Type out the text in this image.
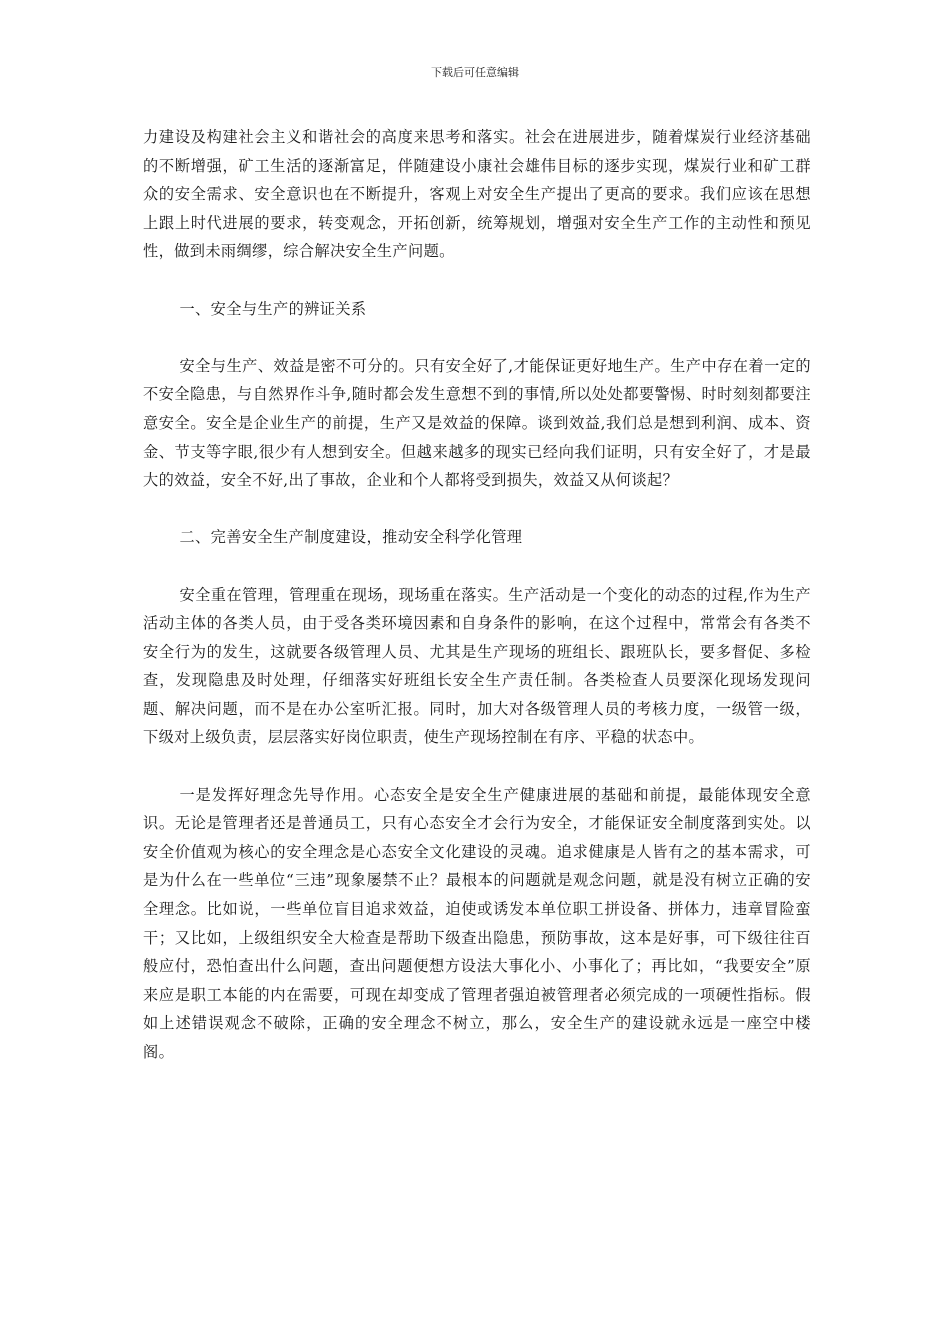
下载后可任意编辑

力建设及构建社会主义和谐社会的高度来思考和落实。社会在进展进步，随着煤炭行业经济基础的不断增强，矿工生活的逐渐富足，伴随建设小康社会雄伟目标的逐步实现，煤炭行业和矿工群众的安全需求、安全意识也在不断提升，客观上对安全生产提出了更高的要求。我们应该在思想上跟上时代进展的要求，转变观念，开拓创新，统筹规划，增强对安全生产工作的主动性和预见性，做到未雨绸缪，综合解决安全生产问题。

一、安全与生产的辨证关系

安全与生产、效益是密不可分的。只有安全好了,才能保证更好地生产。生产中存在着一定的不安全隐患，与自然界作斗争,随时都会发生意想不到的事情,所以处处都要警惕、时时刻刻都要注意安全。安全是企业生产的前提，生产又是效益的保障。谈到效益,我们总是想到利润、成本、资金、节支等字眼,很少有人想到安全。但越来越多的现实已经向我们证明，只有安全好了，才是最大的效益，安全不好,出了事故，企业和个人都将受到损失，效益又从何谈起？

二、完善安全生产制度建设，推动安全科学化管理

安全重在管理，管理重在现场，现场重在落实。生产活动是一个变化的动态的过程,作为生产活动主体的各类人员，由于受各类环境因素和自身条件的影响，在这个过程中，常常会有各类不安全行为的发生，这就要各级管理人员、尤其是生产现场的班组长、跟班队长，要多督促、多检查，发现隐患及时处理，仔细落实好班组长安全生产责任制。各类检查人员要深化现场发现问题、解决问题，而不是在办公室听汇报。同时，加大对各级管理人员的考核力度，一级管一级，下级对上级负责，层层落实好岗位职责，使生产现场控制在有序、平稳的状态中。

一是发挥好理念先导作用。心态安全是安全生产健康进展的基础和前提，最能体现安全意识。无论是管理者还是普通员工，只有心态安全才会行为安全，才能保证安全制度落到实处。以安全价值观为核心的安全理念是心态安全文化建设的灵魂。追求健康是人皆有之的基本需求，可是为什么在一些单位“三违”现象屡禁不止？最根本的问题就是观念问题，就是没有树立正确的安全理念。比如说，一些单位盲目追求效益，迫使或诱发本单位职工拼设备、拼体力，违章冒险蛮干；又比如，上级组织安全大检查是帮助下级查出隐患，预防事故，这本是好事，可下级往往百般应付，恐怕查出什么问题，查出问题便想方设法大事化小、小事化了；再比如，“我要安全”原来应是职工本能的内在需要，可现在却变成了管理者强迫被管理者必须完成的一项硬性指标。假如上述错误观念不破除，正确的安全理念不树立，那么，安全生产的建设就永远是一座空中楼阁。
